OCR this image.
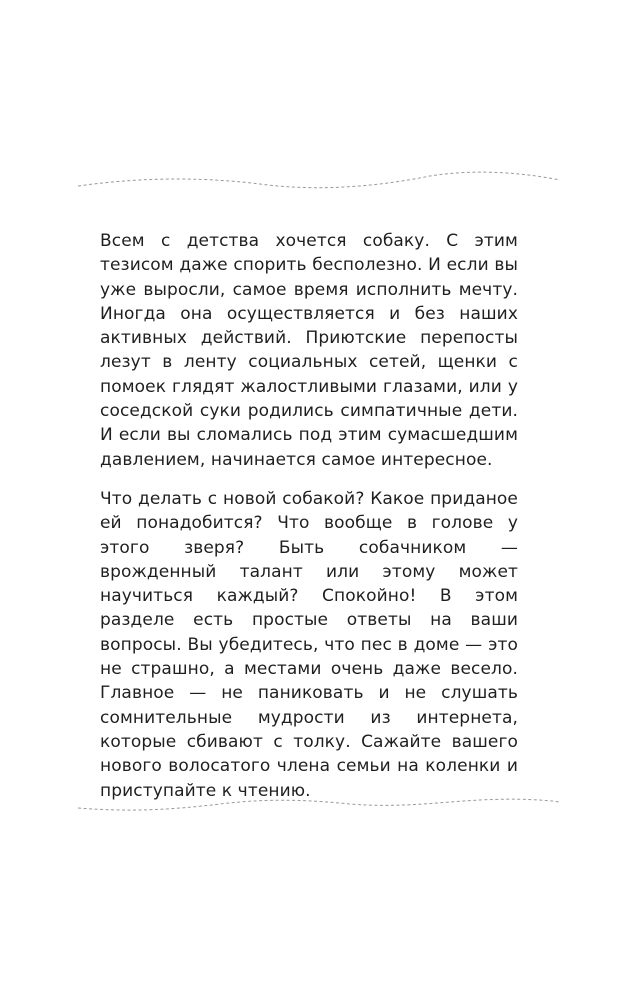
Всем с детства хочется собаку. С этим тезисом даже спорить бесполезно. И если вы уже выросли, самое время исполнить мечту. Иногда она осуществляется и без наших активных действий. Приютские перепосты лезут в ленту социальных сетей, щенки с помоек глядят жалостливыми глазами, или у соседской суки родились симпатичные дети. И если вы сломались под этим сумасшедшим давлением, начинается самое интересное.
Что делать с новой собакой? Какое приданое ей понадобится? Что вообще в голове у этого зверя? Быть собачником — врожденный талант или этому может научиться каждый? Спокойно! В этом разделе есть простые ответы на ваши вопросы. Вы убедитесь, что пес в доме — это не страшно, а местами очень даже весело. Главное — не паниковать и не слушать сомнительные мудрости из интернета, которые сбивают с толку. Сажайте вашего нового волосатого члена семьи на коленки и приступайте к чтению.
